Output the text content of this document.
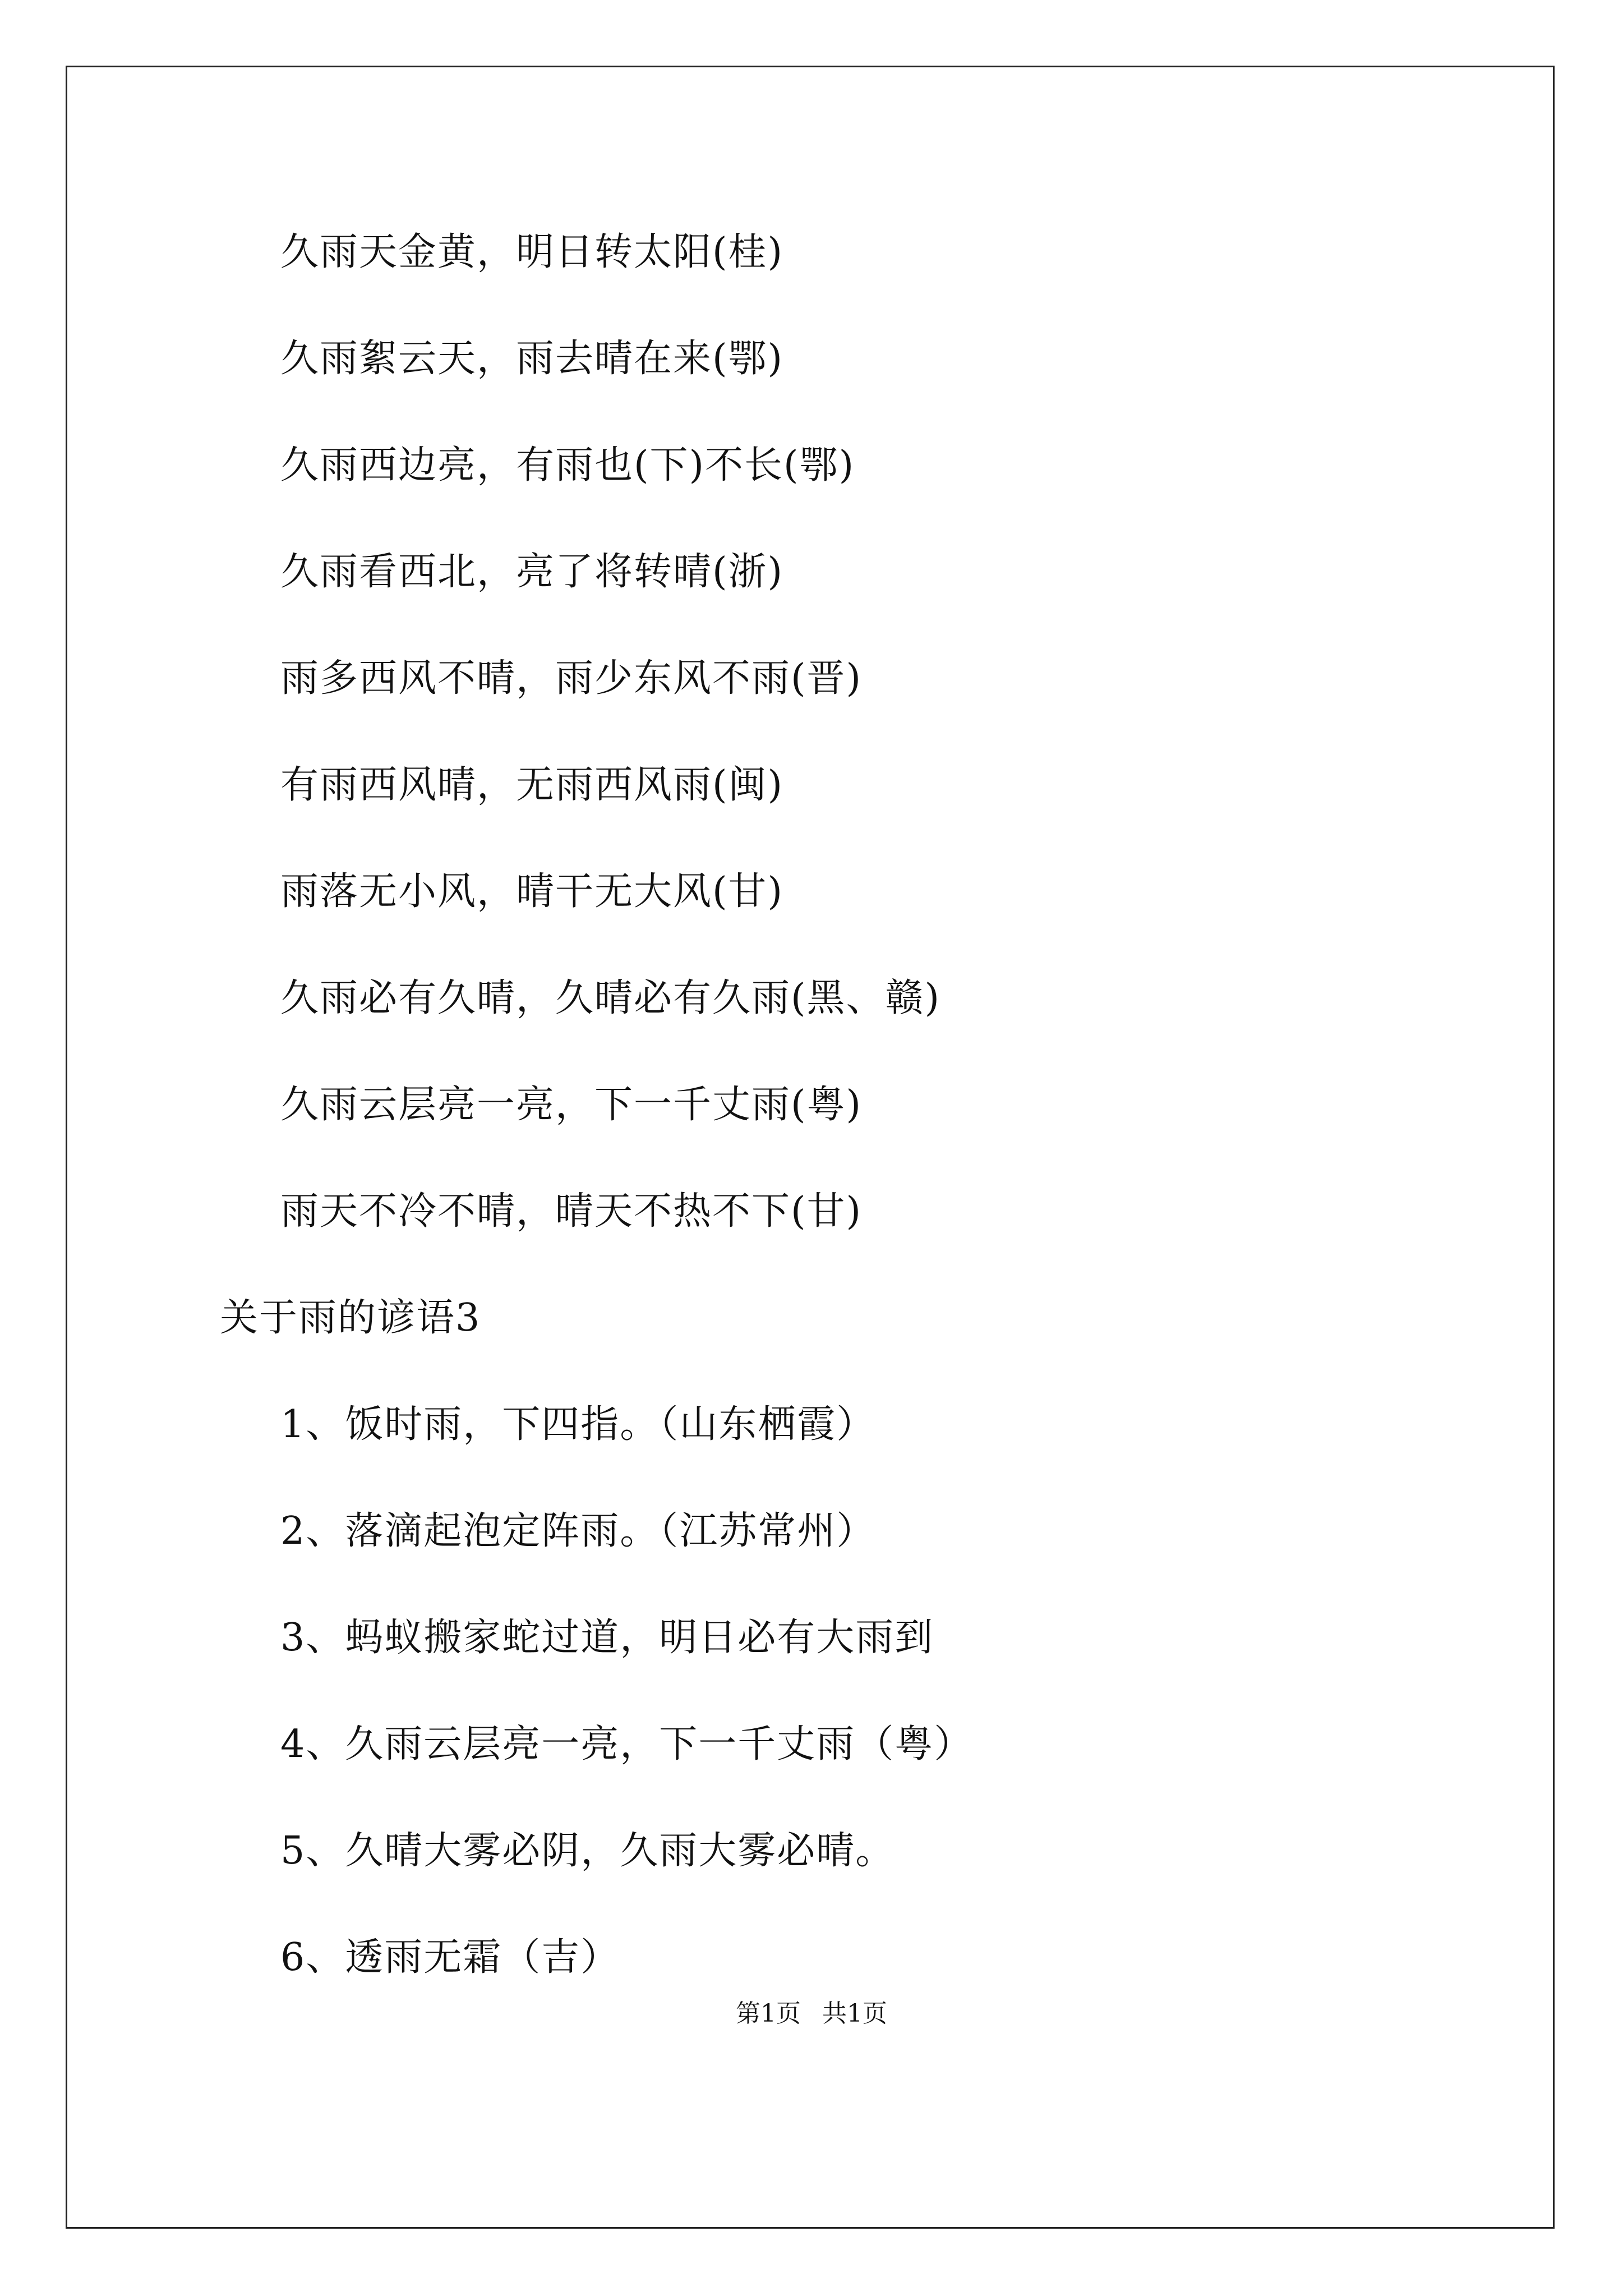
久雨天金黄，明日转太阳(桂)
久雨絮云天，雨去晴在来(鄂)
久雨西边亮，有雨也(下)不长(鄂)
久雨看西北，亮了将转晴(浙)
雨多西风不晴，雨少东风不雨(晋)
有雨西风晴，无雨西风雨(闽)
雨落无小风，晴干无大风(甘)
久雨必有久晴，久晴必有久雨(黑、赣)
久雨云层亮一亮，下一千丈雨(粤)
雨天不冷不晴，晴天不热不下(甘)
关于雨的谚语3
1、饭时雨，下四指。（山东栖霞）
2、落滴起泡定阵雨。（江苏常州）
3、蚂蚁搬家蛇过道，明日必有大雨到
4、久雨云层亮一亮，下一千丈雨（粤）
5、久晴大雾必阴，久雨大雾必晴。
6、透雨无霜（吉）
第1页 共1页
